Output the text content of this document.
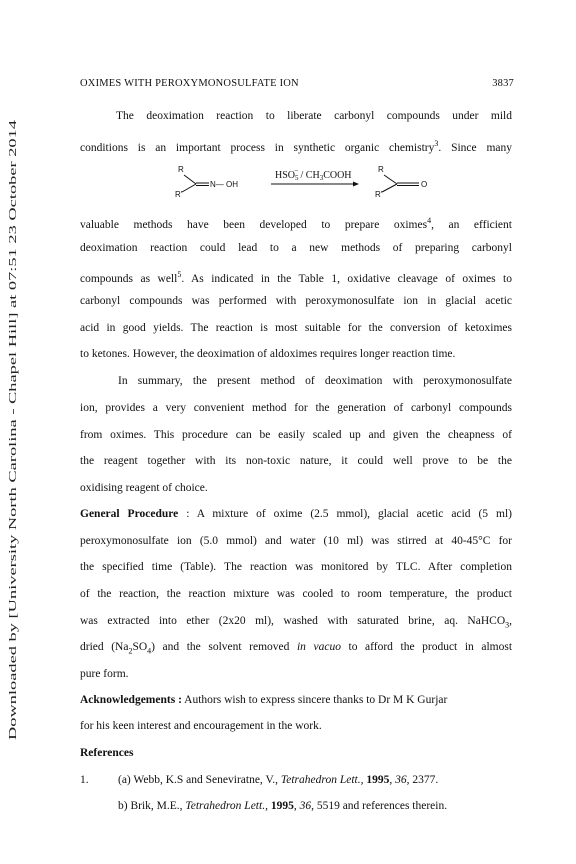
OXIMES WITH PEROXYMONOSULFATE ION	3837
Downloaded by [University North Carolina - Chapel Hill] at 07:51 23 October 2014
The deoximation reaction to liberate carbonyl compounds under mild
conditions is an important process in synthetic organic chemistry$^3$. Since many
R
R'
N— OH
R
R'
O
$HSO_5-$ / $CH_3COOH$
valuable methods have been developed to prepare oximes$^4$, an efficient
deoximation reaction could lead to a new methods of preparing carbonyl
compounds as well$^5$. As indicated in the Table 1, oxidative cleavage of oximes to
carbonyl compounds was performed with peroxymonosulfate ion in glacial acetic
acid in good yields. The reaction is most suitable for the conversion of ketoximes
to ketones. However, the deoximation of aldoximes requires longer reaction time.
In summary, the present method of deoximation with peroxymonosulfate
ion, provides a very convenient method for the generation of carbonyl compounds
from oximes. This procedure can be easily scaled up and given the cheapness of
the reagent together with its non-toxic nature, it could well prove to be the
oxidising reagent of choice.
General Procedure : A mixture of oxime (2.5 mmol), glacial acetic acid (5 ml)
peroxymonosulfate ion (5.0 mmol) and water (10 ml) was stirred at 40-45°C for
the specified time (Table). The reaction was monitored by TLC. After completion
of the reaction, the reaction mixture was cooled to room temperature, the product
was extracted into ether (2x20 ml), washed with saturated brine, aq. NaHCO$_3$,
dried $(Na_2SO_4)$ and the solvent removed in vacuo to afford the product in almost
pure form.
Acknowledgements : Authors wish to express sincere thanks to Dr M K Gurjar
for his keen interest and encouragement in the work.
References
1.	(a) Webb, K.S and Seneviratne, V., Tetrahedron Lett., 1995, 36, 2377.
b) Brik, M.E., Tetrahedron Lett., 1995, 36, 5519 and references therein.
